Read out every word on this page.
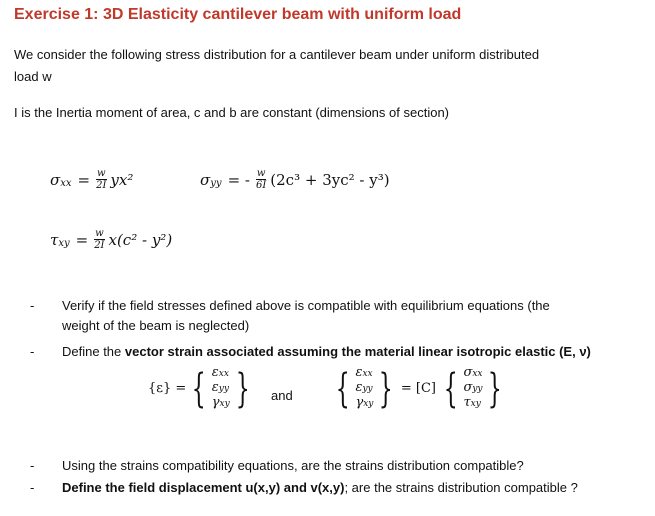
Exercise 1: 3D Elasticity cantilever beam with uniform load
We consider the following stress distribution for a cantilever beam under uniform distributed
load w
I is the Inertia moment of area, c and b are constant (dimensions of section)
σ xx = $\frac{w}{2I} yx^2$	σ yy = - $\frac{w}{6I} (2c^3 + 3yc^2 - y^3)$
τ xy = $\frac{w}{2I} x(c^2 - y^2)$
- Verify if the field stresses defined above is compatible with equilibrium equations (the
weight of the beam is neglected)
- Define the vector strain associated assuming the material linear isotropic elastic (E, ν)
{ε} = { εxx
εyy
γxy } and { εxx
εyy
γxy } = [C] { σxx
σyy
τxy }
- Using the strains compatibility equations, are the strains distribution compatible?
- Define the field displacement u(x,y) and v(x,y); are the strains distribution compatible ?
